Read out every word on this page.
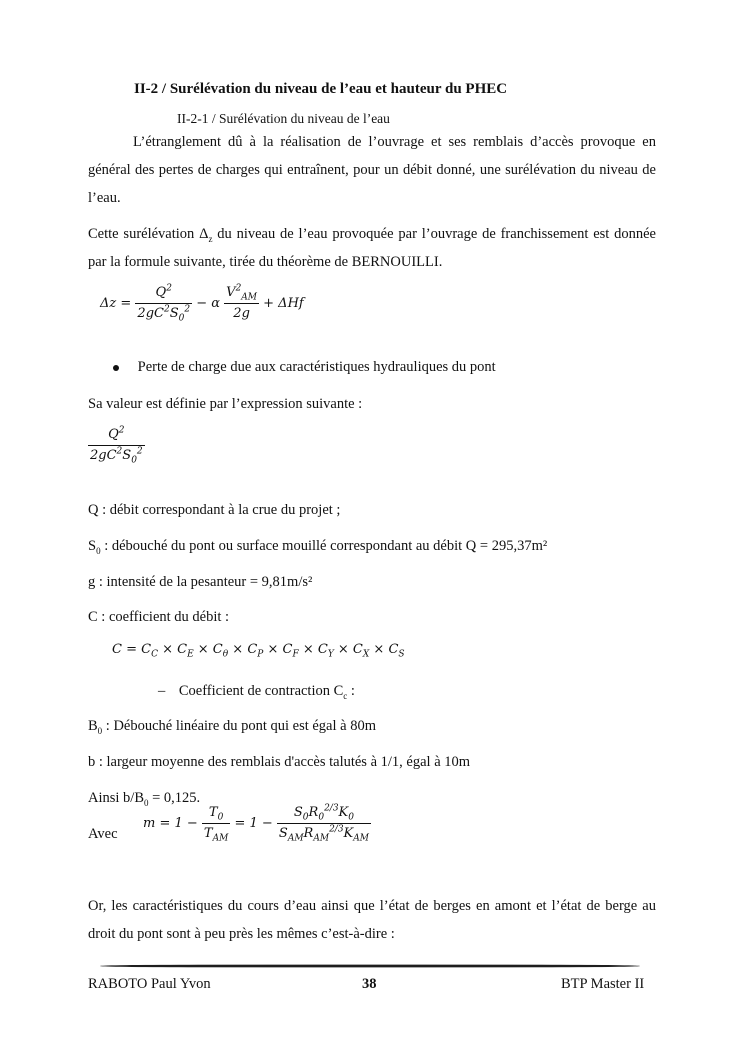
II-2 / Surélévation du niveau de l’eau et hauteur du PHEC
II-2-1 / Surélévation du niveau de l’eau
L’étranglement dû à la réalisation de l’ouvrage et ses remblais d’accès provoque en général des pertes de charges qui entraînent, pour un débit donné, une surélévation du niveau de l’eau.
Cette surélévation $\Delta_z$ du niveau de l’eau provoquée par l’ouvrage de franchissement est donnée par la formule suivante, tirée du théorème de BERNOUILLI.
$\Delta z = \frac{Q^2}{2gC^2S_0^2} - \alpha \frac{V^2_{AM}}{2g} + \Delta Hf$
Perte de charge due aux caractéristiques hydrauliques du pont
Sa valeur est définie par l’expression suivante :
$\frac{Q^2}{2gC^2S_0^2}$
Q : débit correspondant à la crue du projet ;
$S_0$ : débouché du pont ou surface mouillé correspondant au débit Q = 295,37m²
g : intensité de la pesanteur = 9,81m/s²
C : coefficient du débit :
$C = C_C \times C_E \times C_\theta \times C_P \times C_F \times C_Y \times C_X \times C_S$
– Coefficient de contraction $C_c$ :
$B_0$ : Débouché linéaire du pont qui est égal à 80m
b : largeur moyenne des remblais d'accès talutés à 1/1, égal à 10m
Ainsi $b/B_0 = 0,125$.
Avec
$m = 1 - \frac{T_0}{T_{AM}} = 1 - \frac{S_0R_0^{2/3}K_0}{S_{AM}R_{AM}^{2/3}K_{AM}}$
Or, les caractéristiques du cours d’eau ainsi que l’état de berges en amont et l’état de berge au droit du pont sont à peu près les mêmes c’est-à-dire :
RABOTO Paul Yvon	38	BTP Master II
